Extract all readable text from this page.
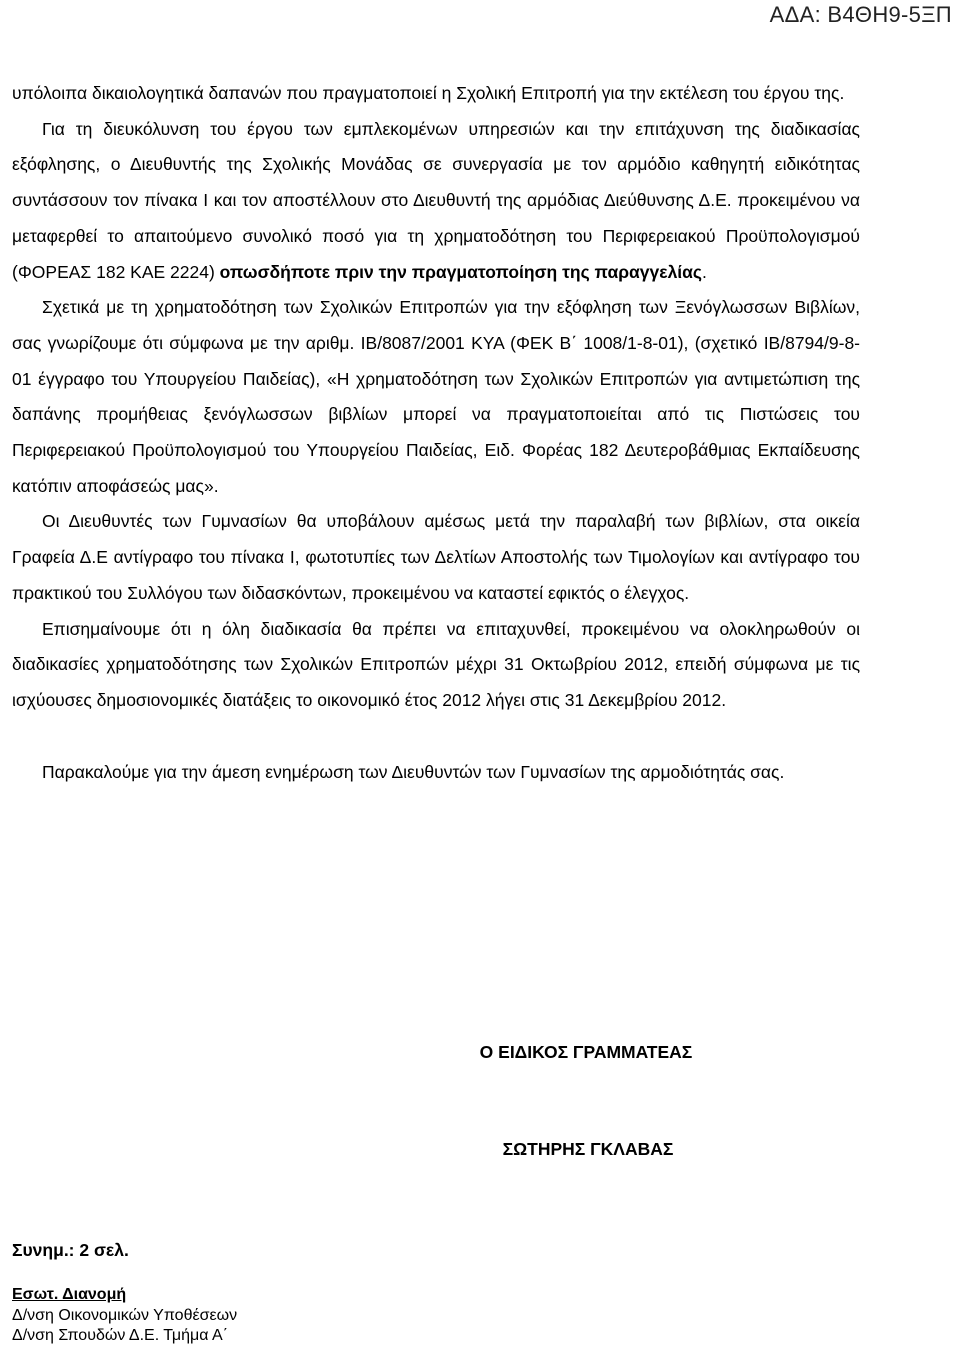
ΑΔΑ: Β4ΘΗ9-5ΞΠ

υπόλοιπα δικαιολογητικά δαπανών που πραγματοποιεί η Σχολική Επιτροπή για την εκτέλεση του έργου της.

Για τη διευκόλυνση του έργου των εμπλεκομένων υπηρεσιών και την επιτάχυνση της διαδικασίας εξόφλησης, ο Διευθυντής της Σχολικής Μονάδας σε συνεργασία με τον αρμόδιο καθηγητή ειδικότητας συντάσσουν τον πίνακα Ι και τον αποστέλλουν στο Διευθυντή της αρμόδιας Διεύθυνσης Δ.Ε. προκειμένου να μεταφερθεί το απαιτούμενο συνολικό ποσό για τη χρηματοδότηση του Περιφερειακού Προϋπολογισμού (ΦΟΡΕΑΣ 182 ΚΑΕ 2224) οπωσδήποτε πριν την πραγματοποίηση της παραγγελίας.

Σχετικά με τη χρηματοδότηση των Σχολικών Επιτροπών για την εξόφληση των Ξενόγλωσσων Βιβλίων, σας γνωρίζουμε ότι σύμφωνα με την αριθμ. ΙΒ/8087/2001 ΚΥΑ (ΦΕΚ Β΄ 1008/1-8-01), (σχετικό ΙΒ/8794/9-8-01 έγγραφο του Υπουργείου Παιδείας), «Η χρηματοδότηση των Σχολικών Επιτροπών για αντιμετώπιση της δαπάνης προμήθειας ξενόγλωσσων βιβλίων μπορεί να πραγματοποιείται από τις Πιστώσεις του Περιφερειακού Προϋπολογισμού του Υπουργείου Παιδείας, Ειδ. Φορέας 182 Δευτεροβάθμιας Εκπαίδευσης κατόπιν αποφάσεώς μας».

Οι Διευθυντές των Γυμνασίων θα υποβάλουν αμέσως μετά την παραλαβή των βιβλίων, στα οικεία Γραφεία Δ.Ε αντίγραφο του πίνακα Ι, φωτοτυπίες των Δελτίων Αποστολής των Τιμολογίων και αντίγραφο του πρακτικού του Συλλόγου των διδασκόντων, προκειμένου να καταστεί εφικτός ο έλεγχος.

Επισημαίνουμε ότι η όλη διαδικασία θα πρέπει να επιταχυνθεί, προκειμένου να ολοκληρωθούν οι διαδικασίες χρηματοδότησης των Σχολικών Επιτροπών μέχρι 31 Οκτωβρίου 2012, επειδή σύμφωνα με τις ισχύουσες δημοσιονομικές διατάξεις το οικονομικό έτος 2012 λήγει στις 31 Δεκεμβρίου 2012.

Παρακαλούμε για την άμεση ενημέρωση των Διευθυντών των Γυμνασίων της αρμοδιότητάς σας.

Ο ΕΙΔΙΚΟΣ ΓΡΑΜΜΑΤΕΑΣ
ΣΩΤΗΡΗΣ ΓΚΛΑΒΑΣ
Συνημ.: 2 σελ.
Εσωτ. Διανομή
Δ/νση Οικονομικών Υποθέσεων
Δ/νση Σπουδών Δ.Ε. Τμήμα Α΄
